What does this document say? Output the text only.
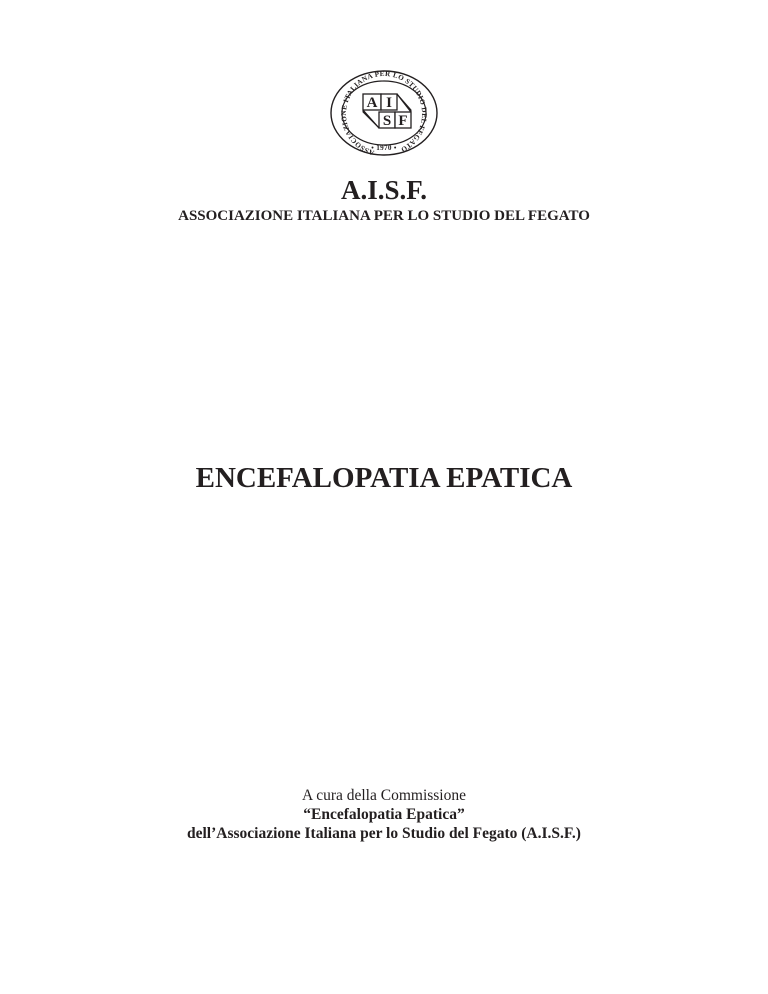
ASSOCIAZIONE ITALIANA PER LO STUDIO DEL FEGATO
• 1970 •
A I
S F
A.I.S.F.
ASSOCIAZIONE ITALIANA PER LO STUDIO DEL FEGATO
ENCEFALOPATIA EPATICA
A cura della Commissione
“Encefalopatia Epatica”
dell’Associazione Italiana per lo Studio del Fegato (A.I.S.F.)
